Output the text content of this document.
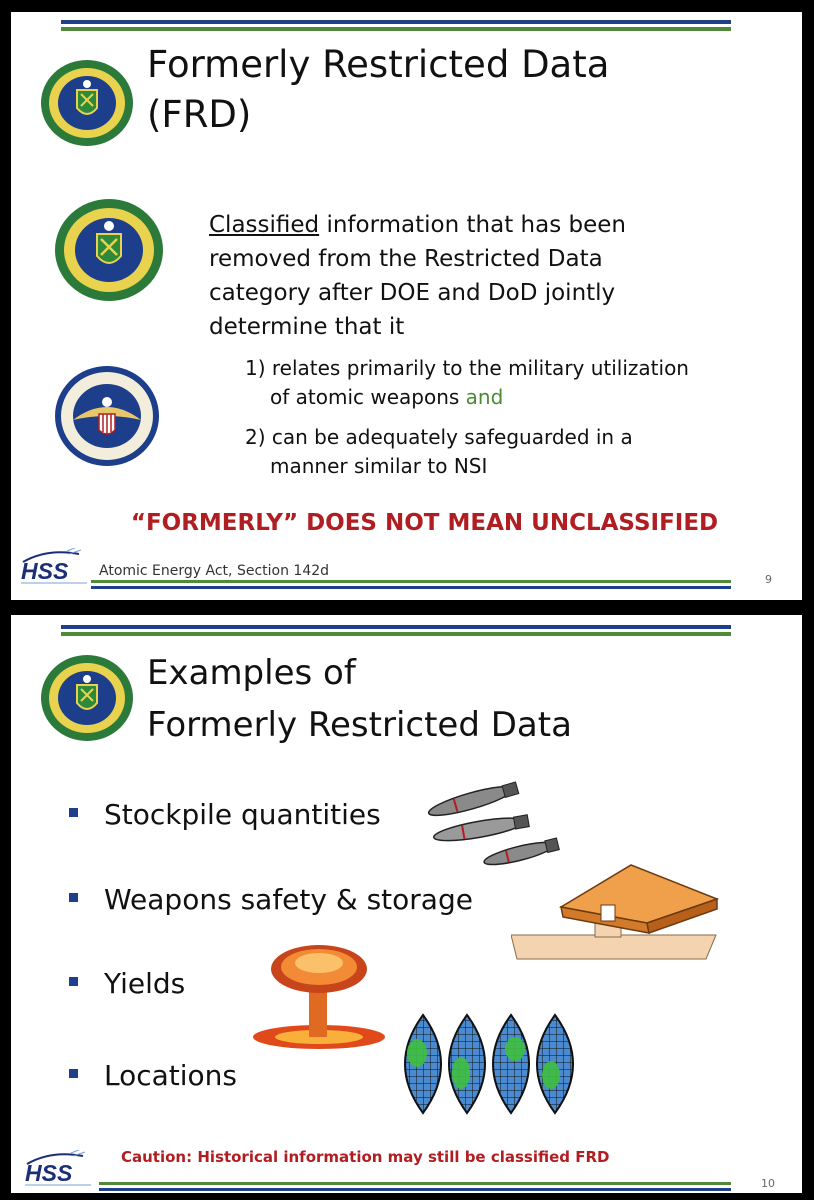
Formerly Restricted Data
(FRD)
Classified information that has been
removed from the Restricted Data
category after DOE and DoD jointly
determine that it
1) relates primarily to the military utilization
of atomic weapons and
2) can be adequately safeguarded in a
manner similar to NSI
“FORMERLY” DOES NOT MEAN UNCLASSIFIED
HSS Atomic Energy Act, Section 142d
9
Examples of
Formerly Restricted Data
Stockpile quantities
Weapons safety & storage
Yields
Locations
HSS
Caution: Historical information may still be classified FRD
10
